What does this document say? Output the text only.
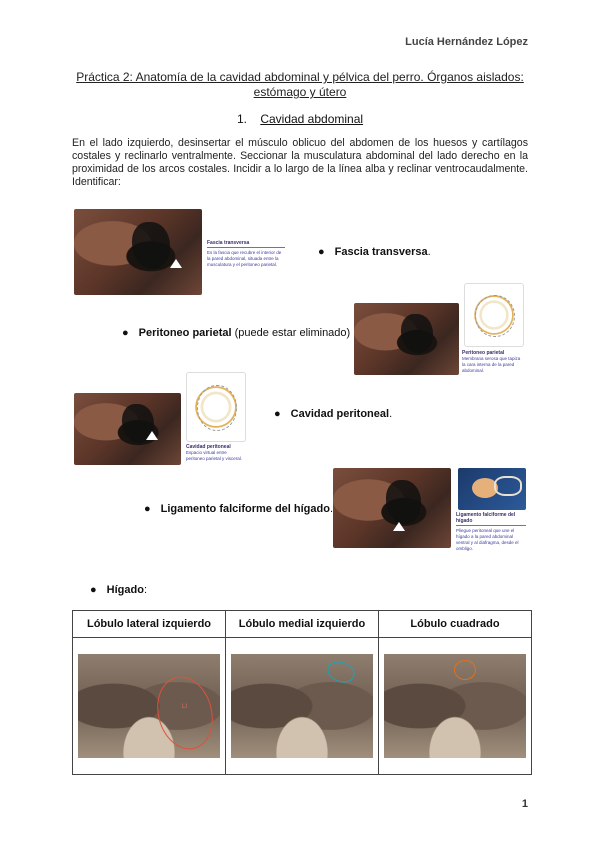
Lucía Hernández López
Práctica 2: Anatomía de la cavidad abdominal y pélvica del perro. Órganos aislados: estómago y útero
1. Cavidad abdominal
En el lado izquierdo, desinsertar el músculo oblicuo del abdomen de los huesos y cartílagos costales y reclinarlo ventralmente. Seccionar la musculatura abdominal del lado derecho en la proximidad de los arcos costales. Incidir a lo largo de la línea alba y reclinar ventrocaudalmente. Identificar:
Fascia transversa
Es la fascia que recubre el interior de la pared abdominal, situada entre la musculatura y el peritoneo parietal.
● Fascia transversa.
● Peritoneo parietal (puede estar eliminado)
Peritoneo parietal
Membrana serosa que tapiza la cara interna de la pared abdominal.
Cavidad peritoneal
Espacio virtual entre peritoneo parietal y visceral.
● Cavidad peritoneal.
● Ligamento falciforme del hígado.	Ligamento falciforme del hígado
Pliegue peritoneal que une el hígado a la pared abdominal ventral y al diafragma, desde el ombligo.
● Hígado:
Lóbulo lateral izquierdo	Lóbulo medial izquierdo	Lóbulo cuadrado

LI		

1
